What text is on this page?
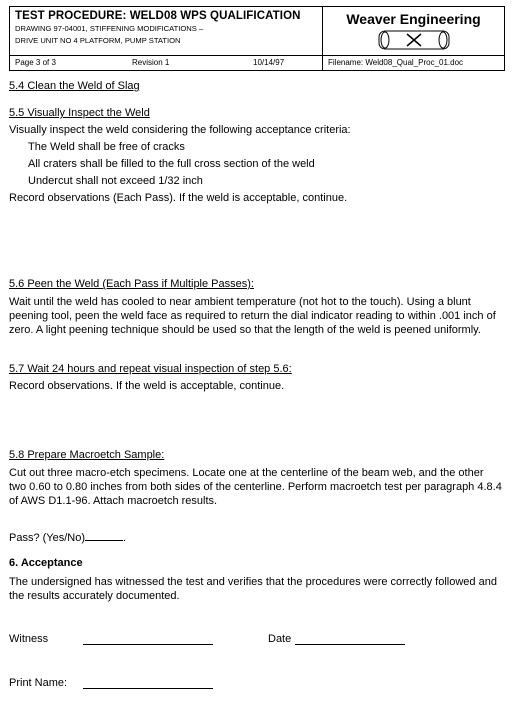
TEST PROCEDURE: WELD08 WPS QUALIFICATION
DRAWING 97-04001, STIFFENING MODIFICATIONS –
DRIVE UNIT NO 4 PLATFORM, PUMP STATION
Weaver Engineering
Page 3 of 3	Revision 1	10/14/97	Filename: Weld08_Qual_Proc_01.doc
5.4 Clean the Weld of Slag
5.5 Visually Inspect the Weld
Visually inspect the weld considering the following acceptance criteria:
The Weld shall be free of cracks
All craters shall be filled to the full cross section of the weld
Undercut shall not exceed 1/32 inch
Record observations (Each Pass). If the weld is acceptable, continue.
5.6 Peen the Weld (Each Pass if Multiple Passes):
Wait until the weld has cooled to near ambient temperature (not hot to the touch). Using a blunt peening tool, peen the weld face as required to return the dial indicator reading to within .001 inch of zero. A light peening technique should be used so that the length of the weld is peened uniformly.
5.7 Wait 24 hours and repeat visual inspection of step 5.6:
Record observations. If the weld is acceptable, continue.
5.8 Prepare Macroetch Sample:
Cut out three macro-etch specimens. Locate one at the centerline of the beam web, and the other two 0.60 to 0.80 inches from both sides of the centerline. Perform macroetch test per paragraph 4.8.4 of AWS D1.1-96. Attach macroetch results.
Pass? (Yes/No)	.
6. Acceptance
The undersigned has witnessed the test and verifies that the procedures were correctly followed and the results accurately documented.
Witness	Date
Print Name:
